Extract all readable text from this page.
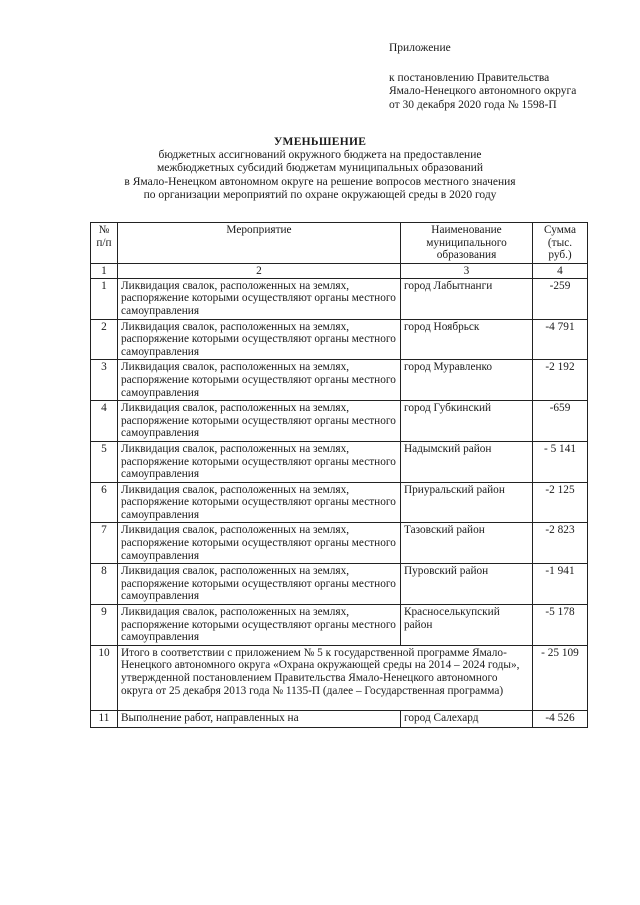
Приложение
к постановлению Правительства
Ямало-Ненецкого автономного округа
от 30 декабря 2020 года № 1598-П
УМЕНЬШЕНИЕ
бюджетных ассигнований окружного бюджета на предоставление
межбюджетных субсидий бюджетам муниципальных образований
в Ямало-Ненецком автономном округе на решение вопросов местного значения
по организации мероприятий по охране окружающей среды в 2020 году
№ п/п	Мероприятие	Наименование муниципального образования	Сумма (тыс. руб.)
1	2	3	4
1	Ликвидация свалок, расположенных на землях, распоряжение которыми осуществляют органы местного самоуправления	город Лабытнанги	-259
2	Ликвидация свалок, расположенных на землях, распоряжение которыми осуществляют органы местного самоуправления	город Ноябрьск	-4 791
3	Ликвидация свалок, расположенных на землях, распоряжение которыми осуществляют органы местного самоуправления	город Муравленко	-2 192
4	Ликвидация свалок, расположенных на землях, распоряжение которыми осуществляют органы местного самоуправления	город Губкинский	-659
5	Ликвидация свалок, расположенных на землях, распоряжение которыми осуществляют органы местного самоуправления	Надымский район	- 5 141
6	Ликвидация свалок, расположенных на землях, распоряжение которыми осуществляют органы местного самоуправления	Приуральский район	-2 125
7	Ликвидация свалок, расположенных на землях, распоряжение которыми осуществляют органы местного самоуправления	Тазовский район	-2 823
8	Ликвидация свалок, расположенных на землях, распоряжение которыми осуществляют органы местного самоуправления	Пуровский район	-1 941
9	Ликвидация свалок, расположенных на землях, распоряжение которыми осуществляют органы местного самоуправления	Красноселькупский район	-5 178
10	Итого в соответствии с приложением № 5 к государственной программе Ямало-Ненецкого автономного округа «Охрана окружающей среды на 2014 – 2024 годы», утвержденной постановлением Правительства Ямало-Ненецкого автономного округа от 25 декабря 2013 года № 1135-П (далее – Государственная программа)		- 25 109
11	Выполнение работ, направленных на	город Салехард	-4 526
